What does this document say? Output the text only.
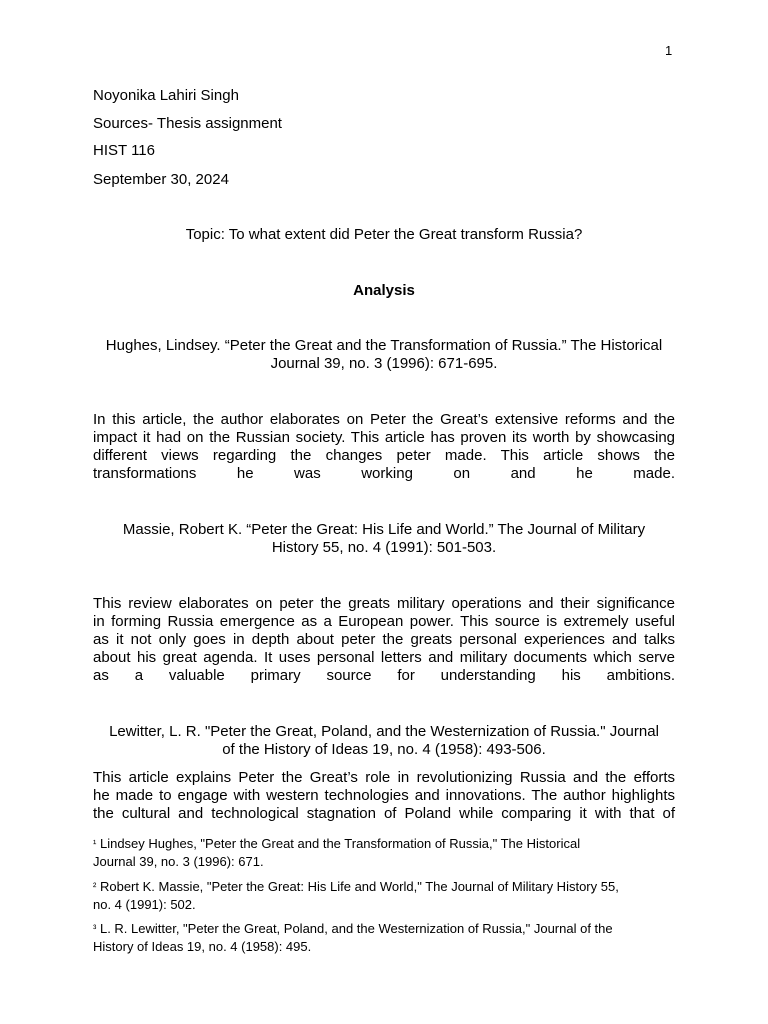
1
Noyonika Lahiri Singh
Sources- Thesis assignment
HIST 116
September 30, 2024
Topic: To what extent did Peter the Great transform Russia?
Analysis
Hughes, Lindsey. “Peter the Great and the Transformation of Russia.” The Historical
Journal 39, no. 3 (1996): 671-695.
In this article, the author elaborates on Peter the Great’s extensive reforms and the
impact it had on the Russian society. This article has proven its worth by showcasing
different views regarding the changes peter made. This article shows the
transformations he was working on and he made.
Massie, Robert K. “Peter the Great: His Life and World.” The Journal of Military
History 55, no. 4 (1991): 501-503.
This review elaborates on peter the greats military operations and their significance
in forming Russia emergence as a European power. This source is extremely useful
as it not only goes in depth about peter the greats personal experiences and talks
about his great agenda. It uses personal letters and military documents which serve
as a valuable primary source for understanding his ambitions.
Lewitter, L. R. "Peter the Great, Poland, and the Westernization of Russia." Journal
of the History of Ideas 19, no. 4 (1958): 493-506.
This article explains Peter the Great’s role in revolutionizing Russia and the efforts
he made to engage with western technologies and innovations. The author highlights
the cultural and technological stagnation of Poland while comparing it with that of
¹ Lindsey Hughes, "Peter the Great and the Transformation of Russia," The Historical
Journal 39, no. 3 (1996): 671.
² Robert K. Massie, "Peter the Great: His Life and World," The Journal of Military History 55,
no. 4 (1991): 502.
³ L. R. Lewitter, "Peter the Great, Poland, and the Westernization of Russia," Journal of the
History of Ideas 19, no. 4 (1958): 495.
